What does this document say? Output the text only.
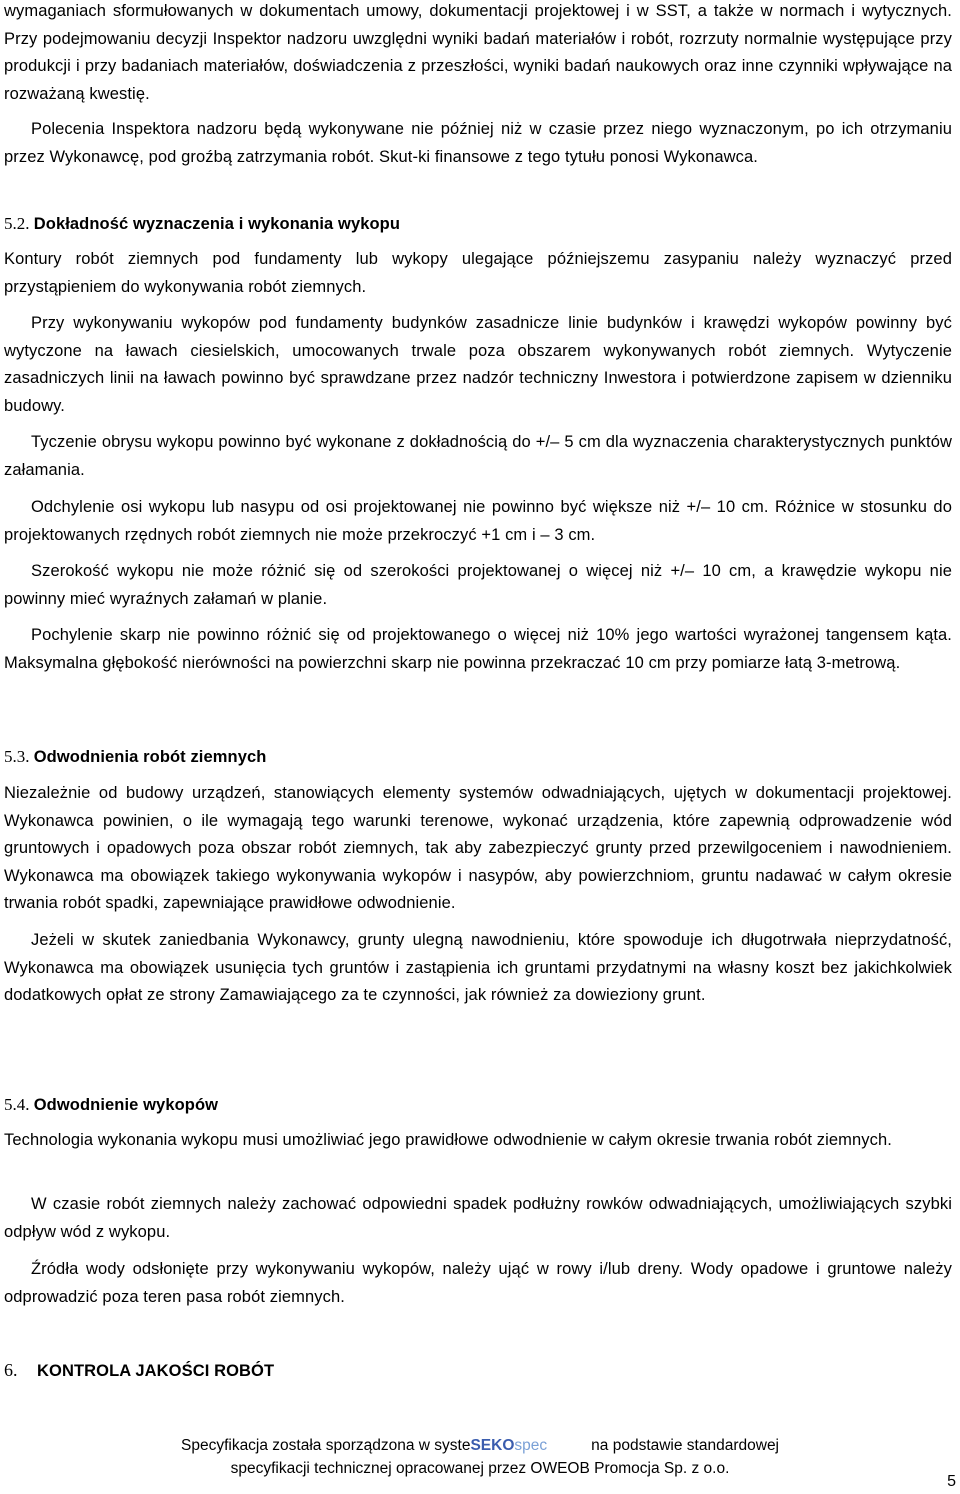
wymaganiach sformułowanych w dokumentach umowy, dokumentacji projektowej i w SST, a także w normach i wytycznych. Przy podejmowaniu decyzji Inspektor nadzoru uwzględni wyniki badań materiałów i robót, rozrzuty normalnie występujące przy produkcji i przy badaniach materiałów, doświadczenia z przeszłości, wyniki badań naukowych oraz inne czynniki wpływające na rozważaną kwestię.

Polecenia Inspektora nadzoru będą wykonywane nie później niż w czasie przez niego wyznaczonym, po ich otrzymaniu przez Wykonawcę, pod groźbą zatrzymania robót. Skut-ki finansowe z tego tytułu ponosi Wykonawca.

5.2. Dokładność wyznaczenia i wykonania wykopu

Kontury robót ziemnych pod fundamenty lub wykopy ulegające późniejszemu zasypaniu należy wyznaczyć przed przystąpieniem do wykonywania robót ziemnych.

Przy wykonywaniu wykopów pod fundamenty budynków zasadnicze linie budynków i krawędzi wykopów powinny być wytyczone na ławach ciesielskich, umocowanych trwale poza obszarem wykonywanych robót ziemnych. Wytyczenie zasadniczych linii na ławach powinno być sprawdzane przez nadzór techniczny Inwestora i potwierdzone zapisem w dzienniku budowy.

Tyczenie obrysu wykopu powinno być wykonane z dokładnością do +/– 5 cm dla wyznaczenia charakterystycznych punktów załamania.

Odchylenie osi wykopu lub nasypu od osi projektowanej nie powinno być większe niż +/– 10 cm. Różnice w stosunku do projektowanych rzędnych robót ziemnych nie może przekroczyć +1 cm i – 3 cm.

Szerokość wykopu nie może różnić się od szerokości projektowanej o więcej niż +/– 10 cm, a krawędzie wykopu nie powinny mieć wyraźnych załamań w planie.

Pochylenie skarp nie powinno różnić się od projektowanego o więcej niż 10% jego wartości wyrażonej tangensem kąta. Maksymalna głębokość nierówności na powierzchni skarp nie powinna przekraczać 10 cm przy pomiarze łatą 3-metrową.

5.3. Odwodnienia robót ziemnych

Niezależnie od budowy urządzeń, stanowiących elementy systemów odwadniających, ujętych w dokumentacji projektowej. Wykonawca powinien, o ile wymagają tego warunki terenowe, wykonać urządzenia, które zapewnią odprowadzenie wód gruntowych i opadowych poza obszar robót ziemnych, tak aby zabezpieczyć grunty przed przewilgoceniem i nawodnieniem. Wykonawca ma obowiązek takiego wykonywania wykopów i nasypów, aby powierzchniom, gruntu nadawać w całym okresie trwania robót spadki, zapewniające prawidłowe odwodnienie.

Jeżeli w skutek zaniedbania Wykonawcy, grunty ulegną nawodnieniu, które spowoduje ich długotrwała nieprzydatność, Wykonawca ma obowiązek usunięcia tych gruntów i zastąpienia ich gruntami przydatnymi na własny koszt bez jakichkolwiek dodatkowych opłat ze strony Zamawiającego za te czynności, jak również za dowieziony grunt.

5.4. Odwodnienie wykopów

Technologia wykonania wykopu musi umożliwiać jego prawidłowe odwodnienie w całym okresie trwania robót ziemnych.

W czasie robót ziemnych należy zachować odpowiedni spadek podłużny rowków odwadniających, umożliwiających szybki odpływ wód z wykopu.

Źródła wody odsłonięte przy wykonywaniu wykopów, należy ująć w rowy i/lub dreny. Wody opadowe i gruntowe należy odprowadzić poza teren pasa robót ziemnych.

6. KONTROLA JAKOŚCI ROBÓT
Specyfikacja została sporządzona w systeSEKOspec	na podstawie standardowej
specyfikacji technicznej opracowanej przez OWEOB Promocja Sp. z o.o.
5
